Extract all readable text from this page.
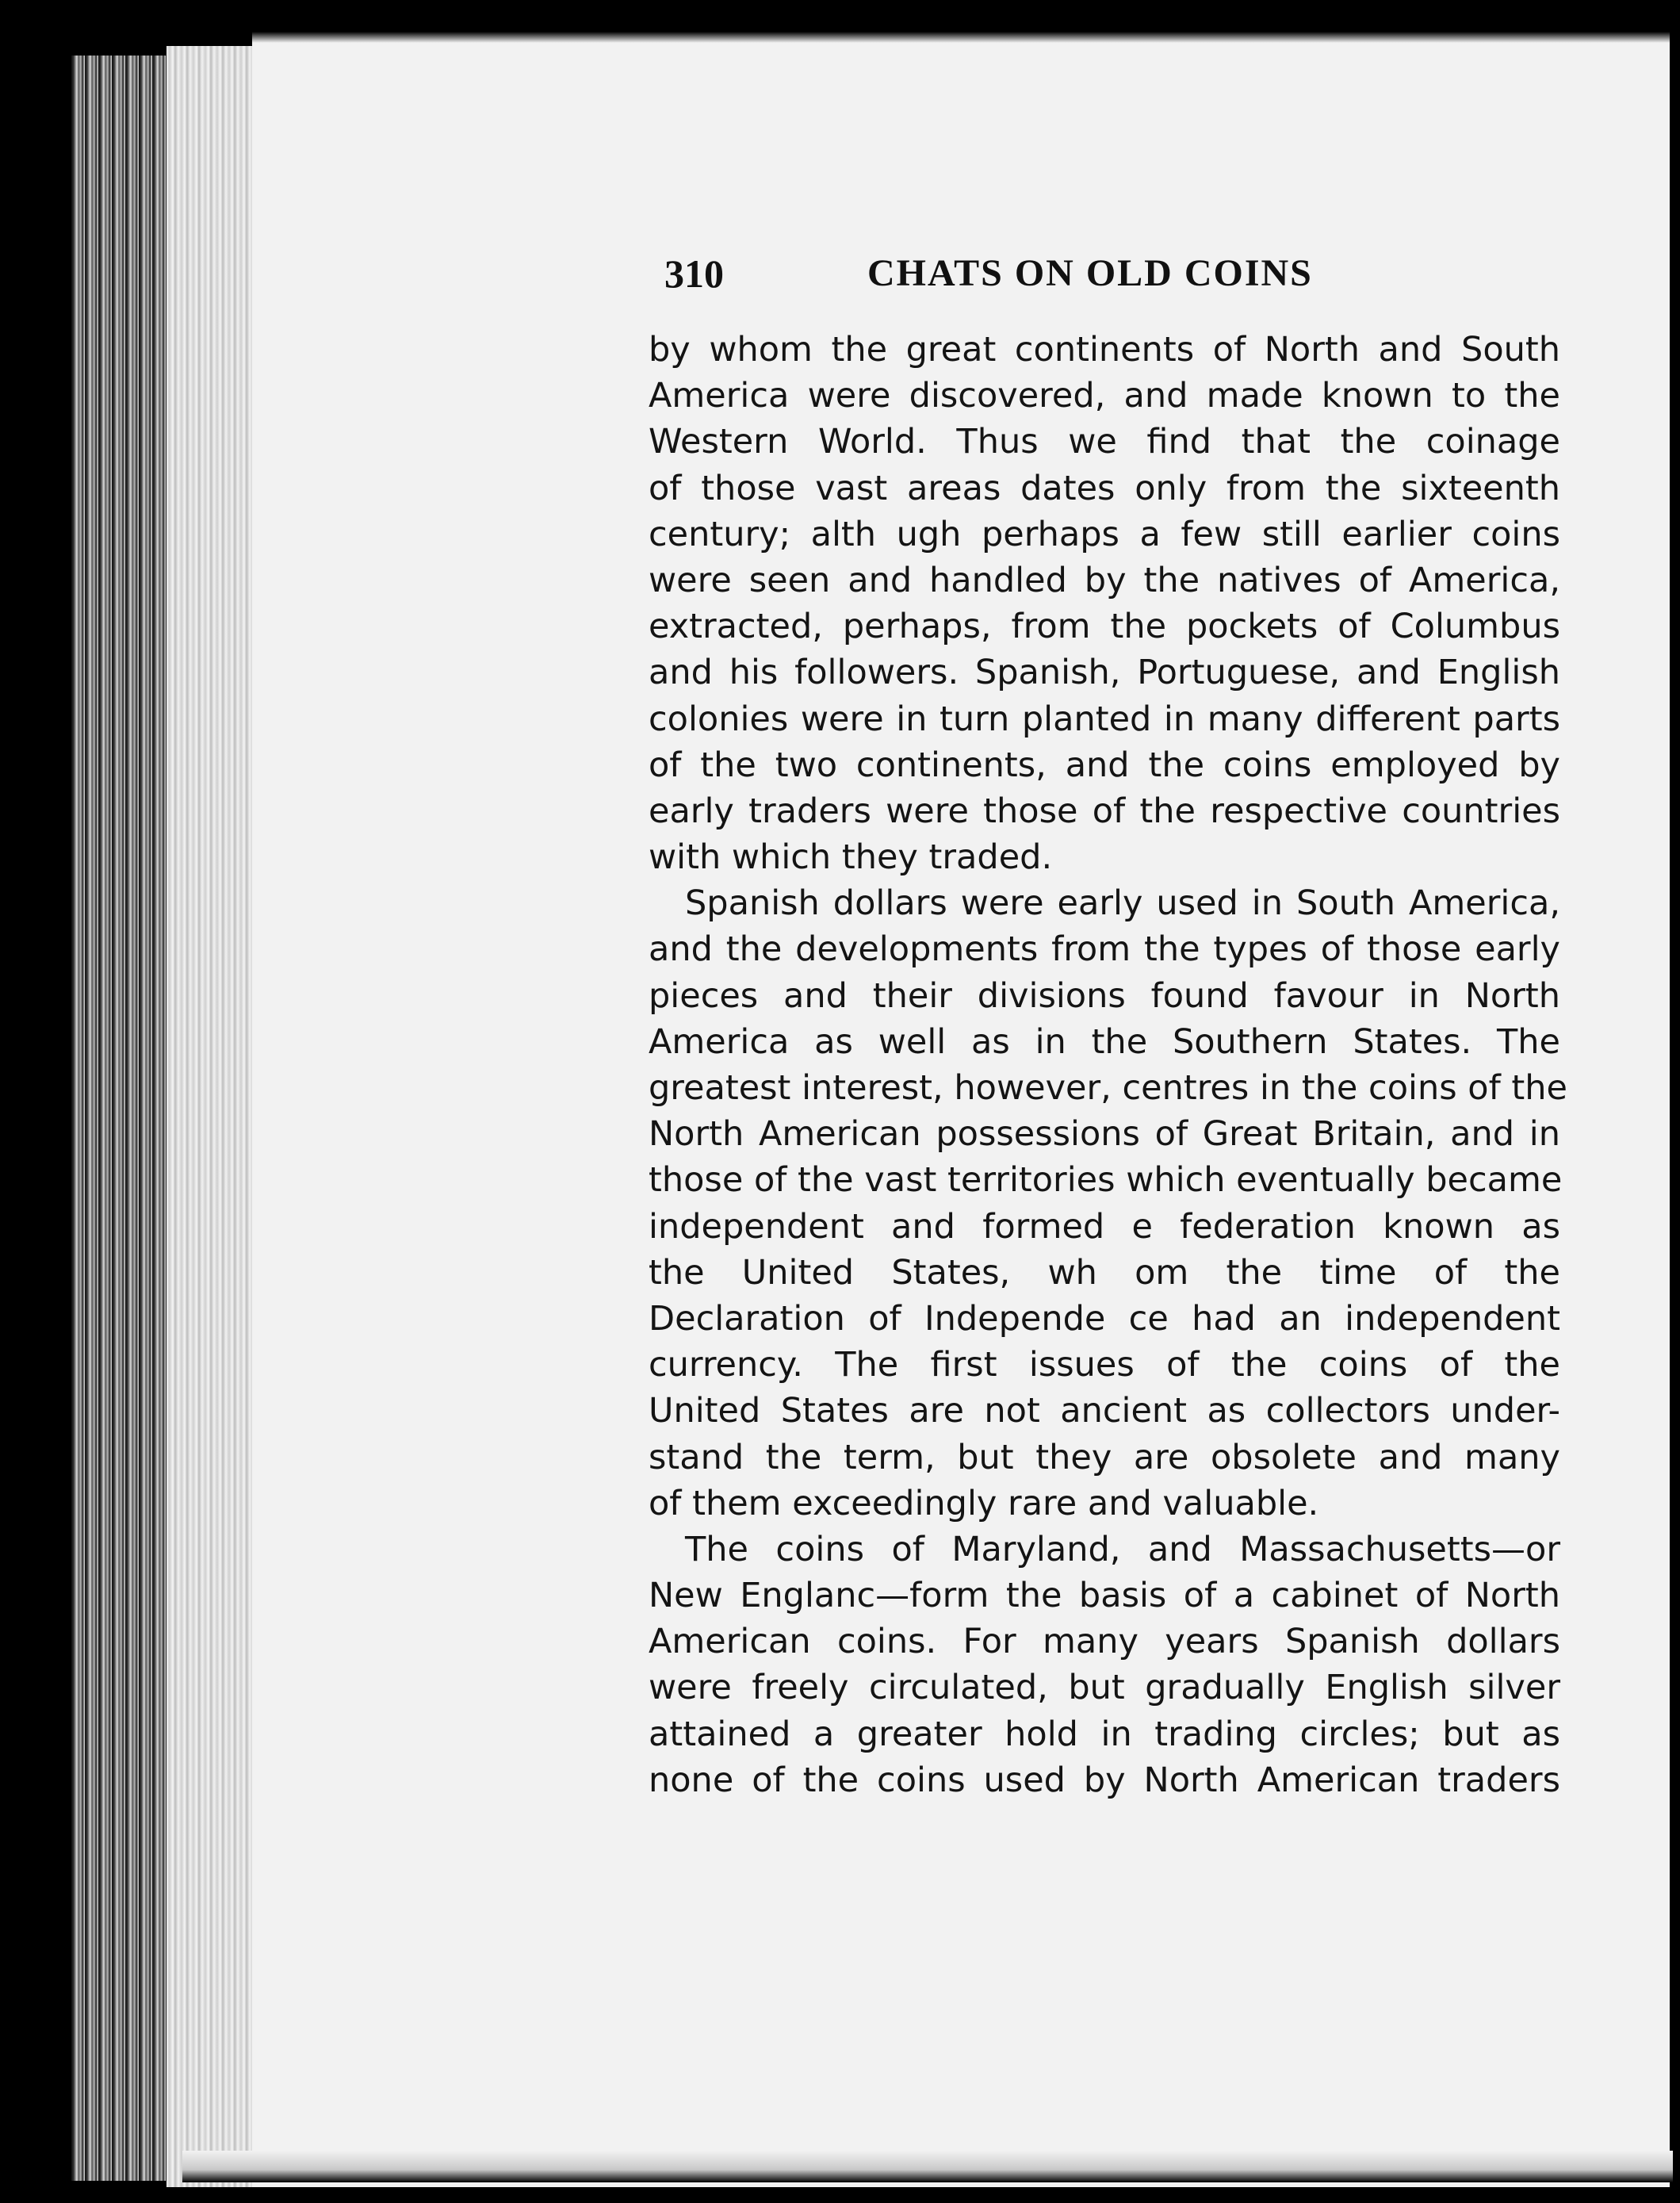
310	CHATS ON OLD COINS
by whom the great continents of North and South
America were discovered, and made known to the
Western World. Thus we find that the coinage
of those vast areas dates only from the sixteenth
century; alth ugh perhaps a few still earlier coins
were seen and handled by the natives of America,
extracted, perhaps, from the pockets of Columbus
and his followers. Spanish, Portuguese, and English
colonies were in turn planted in many different parts
of the two continents, and the coins employed by
early traders were those of the respective countries
with which they traded.
Spanish dollars were early used in South America,
and the developments from the types of those early
pieces and their divisions found favour in North
America as well as in the Southern States. The
greatest interest, however, centres in the coins of the
North American possessions of Great Britain, and in
those of the vast territories which eventually became
independent and formed e federation known as
the United States, wh om the time of the
Declaration of Independe ce had an independent
currency. The first issues of the coins of the
United States are not ancient as collectors under-
stand the term, but they are obsolete and many
of them exceedingly rare and valuable.
The coins of Maryland, and Massachusetts—or
New Englanc—form the basis of a cabinet of North
American coins. For many years Spanish dollars
were freely circulated, but gradually English silver
attained a greater hold in trading circles; but as
none of the coins used by North American traders
